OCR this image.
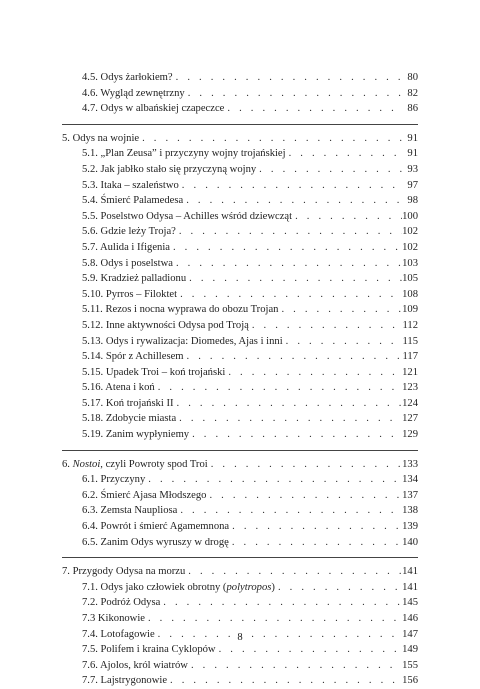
4.5. Odys żarłokiem? . . .	80
4.6. Wygląd zewnętrzny . . .	82
4.7. Odys w albańskiej czapeczce . . .	86
5. Odys na wojnie . . .	91
5.1. „Plan Zeusa” i przyczyny wojny trojańskiej . . .	91
5.2. Jak jabłko stało się przyczyną wojny . . .	93
5.3. Itaka – szaleństwo . . .	97
5.4. Śmierć Palamedesa . . .	98
5.5. Poselstwo Odysa – Achilles wśród dziewcząt . . .	100
5.6. Gdzie leży Troja? . . .	102
5.7. Aulida i Ifigenia . . .	102
5.8. Odys i poselstwa . . .	103
5.9. Kradzież palladionu . . .	105
5.10. Pyrros – Filoktet . . .	108
5.11. Rezos i nocna wyprawa do obozu Trojan . . .	109
5.12. Inne aktywności Odysa pod Troją . . .	112
5.13. Odys i rywalizacja: Diomedes, Ajas i inni . . .	115
5.14. Spór z Achillesem . . .	117
5.15. Upadek Troi – koń trojański . . .	121
5.16. Atena i koń . . .	123
5.17. Koń trojański II . . .	124
5.18. Zdobycie miasta . . .	127
5.19. Zanim wypłyniemy . . .	129
6. Nostoi, czyli Powroty spod Troi . . .	133
6.1. Przyczyny . . .	134
6.2. Śmierć Ajasa Młodszego . . .	137
6.3. Zemsta Naupliosa . . .	138
6.4. Powrót i śmierć Agamemnona . . .	139
6.5. Zanim Odys wyruszy w drogę . . .	140
7. Przygody Odysa na morzu . . .	141
7.1. Odys jako człowiek obrotny (polytropos) . . .	141
7.2. Podróż Odysa . . .	145
7.3 Kikonowie . . .	146
7.4. Lotofagowie . . .	147
7.5. Polifem i kraina Cyklopów . . .	149
7.6. Ajolos, król wiatrów . . .	155
7.7. Lajstrygonowie . . .	156
8
